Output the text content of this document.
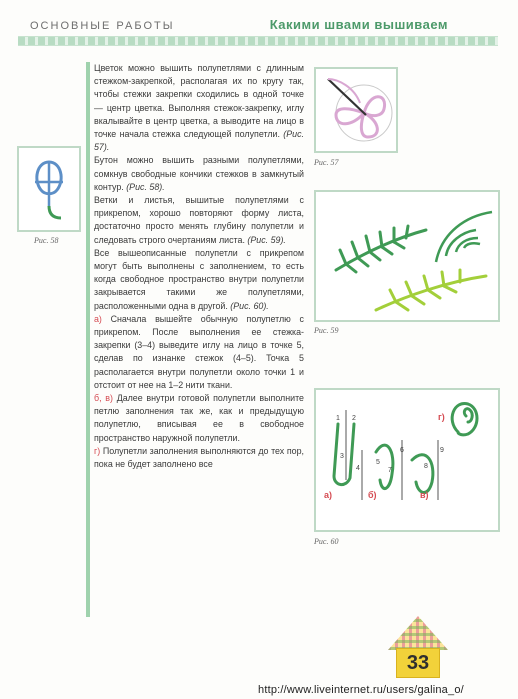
ОСНОВНЫЕ РАБОТЫ	Какими швами вышиваем
Рис. 58

Цветок можно вышить полупетлями с длинным стежком-закрепкой, располагая их по кругу так, чтобы стежки закрепки сходились в одной точке — центр цветка. Выполняя стежок-закрепку, иглу вкалывайте в центр цветка, а выводите на лицо в точке начала стежка следующей полупетли. (Рис. 57).

Бутон можно вышить разными полупетлями, сомкнув свободные кончики стежков в замкнутый контур. (Рис. 58).

Ветки и листья, вышитые полупетлями с прикрепом, хорошо повторяют форму листа, достаточно просто менять глубину полупетли и следовать строго очертаниям листа. (Рис. 59).

Все вышеописанные полупетли с прикрепом могут быть выполнены с заполнением, то есть когда свободное пространство внутри полупетли закрывается такими же полупетлями, расположенными одна в другой. (Рис. 60).

а) Сначала вышейте обычную полупетлю с прикрепом. После выполнения ее стежка-закрепки (3–4) выведите иглу на лицо в точке 5, сделав по изнанке стежок (4–5). Точка 5 располагается внутри полупетли около точки 1 и отстоит от нее на 1–2 нити ткани.

б, в) Далее внутри готовой полупетли выполните петлю заполнения так же, как и предыдущую полупетлю, вписывая ее в свободное пространство наружной полупетли.

г) Полупетли заполнения выполняются до тех пор, пока не будет заполнено все

Рис. 57
Рис. 59
1 2
3
4
5
6
7
8
9
а)	б)	в)
г)
Рис. 60
33
http://www.liveinternet.ru/users/galina_o/
